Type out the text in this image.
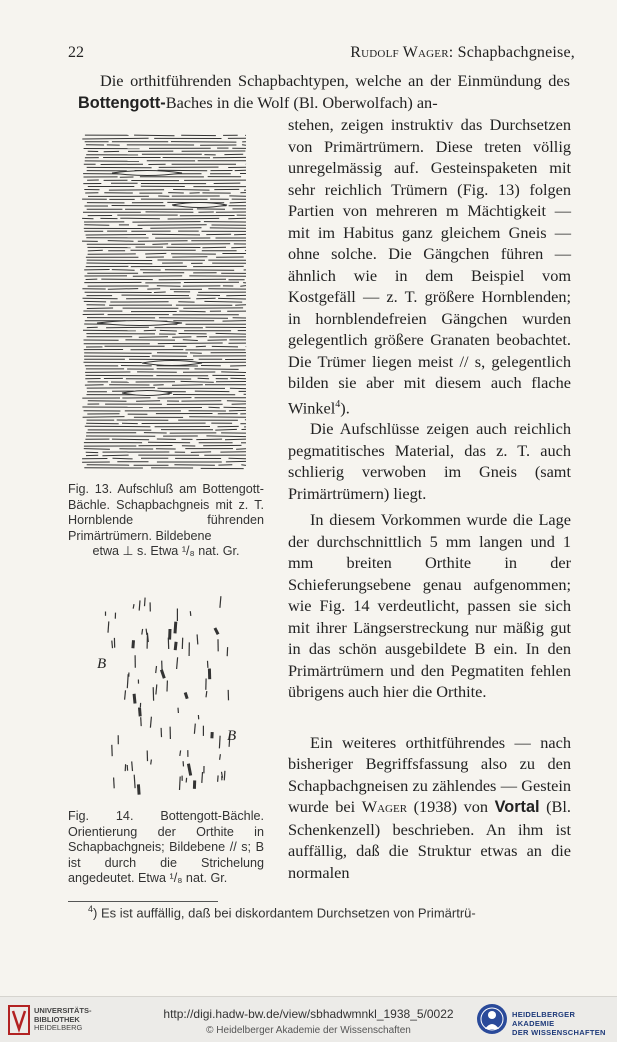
22	Rudolf Wager: Schapbachgneise,
Die orthitführenden Schapbachtypen, welche an der Einmündung des Bottengott-Baches in die Wolf (Bl. Oberwolfach) an-
Fig. 13. Aufschluß am Bottengott-Bächle. Schapbachgneis mit z. T. Hornblende führenden Primärtrümern. Bildebene
etwa ⊥ s. Etwa ¹/₈ nat. Gr.
B
B
Fig. 14. Bottengott-Bächle. Orientierung der Orthite in Schapbachgneis; Bildebene // s; B ist durch die Strichelung angedeutet. Etwa ¹/₈ nat. Gr.

stehen, zeigen instruktiv das Durchsetzen von Primärtrümern. Diese treten völlig unregelmässig auf. Gesteinspaketen mit sehr reichlich Trümern (Fig. 13) folgen Partien von mehreren m Mächtigkeit — mit im Habitus ganz gleichem Gneis — ohne solche. Die Gängchen führen — ähnlich wie in dem Beispiel vom Kostgefäll — z. T. größere Hornblenden; in hornblendefreien Gängchen wurden gelegentlich größere Granaten beobachtet. Die Trümer liegen meist // s, gelegentlich bilden sie aber mit diesem auch flache Winkel$^4$).

Die Aufschlüsse zeigen auch reichlich pegmatitisches Material, das z. T. auch schlierig verwoben im Gneis (samt Primärtrümern) liegt.

In diesem Vorkommen wurde die Lage der durchschnittlich 5 mm langen und 1 mm breiten Orthite in der Schieferungsebene genau aufgenommen; wie Fig. 14 verdeutlicht, passen sie sich mit ihrer Längserstreckung nur mäßig gut in das schön ausgebildete B ein. In den Primärtrümern und den Pegmatiten fehlen übrigens auch hier die Orthite.

Ein weiteres orthitführendes — nach bisheriger Begriffsfassung also zu den Schapbachgneisen zu zählendes — Gestein wurde bei Wager (1938) von Vortal (Bl. Schenkenzell) beschrieben. An ihm ist auffällig, daß die Struktur etwas an die normalen

$^4$) Es ist auffällig, daß bei diskordantem Durchsetzen von Primärtrü-
UNIVERSITÄTS-
BIBLIOTHEK
HEIDELBERG
http://digi.hadw-bw.de/view/sbhadwmnkl_1938_5/0022
© Heidelberger Akademie der Wissenschaften
HEIDELBERGER AKADEMIE
DER WISSENSCHAFTEN
